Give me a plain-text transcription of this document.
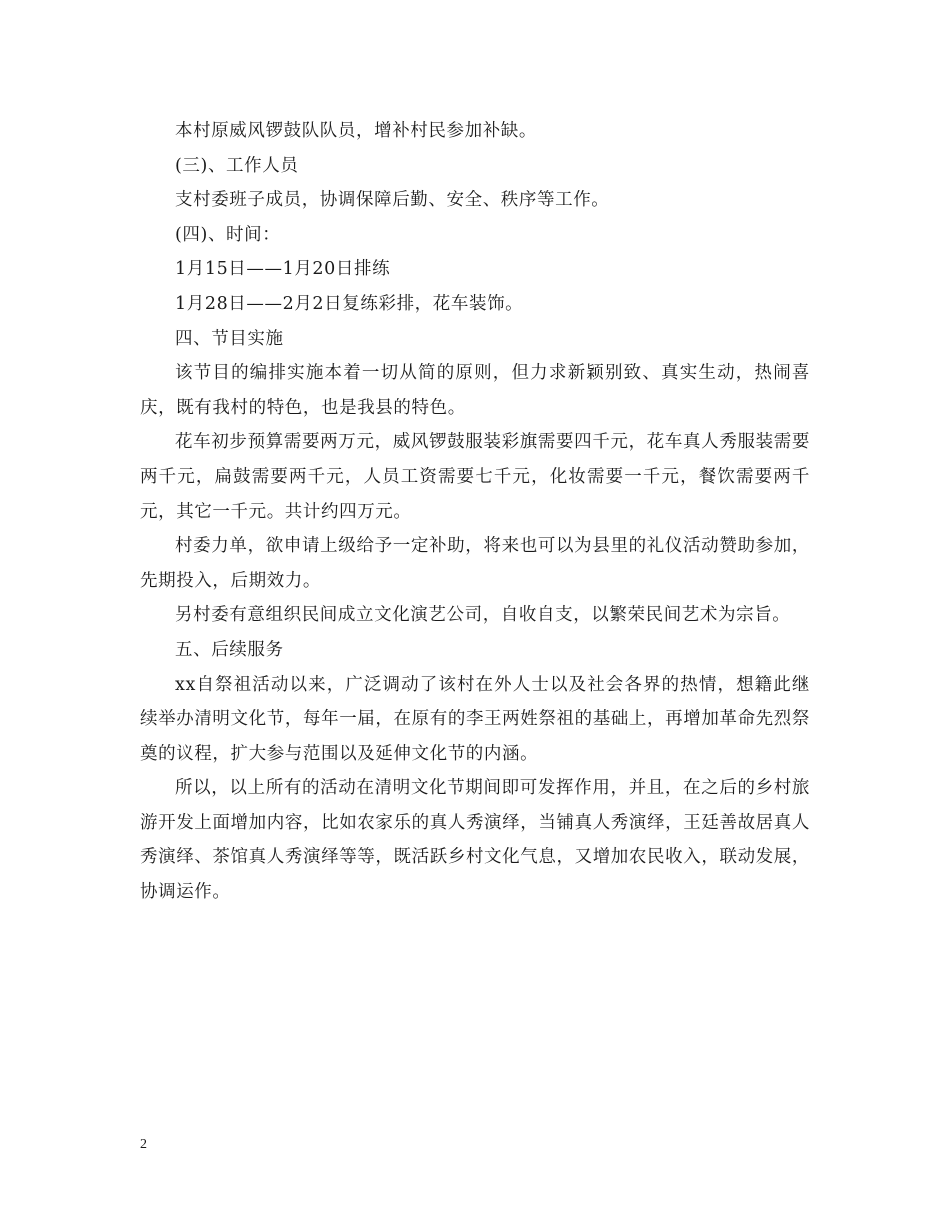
本村原威风锣鼓队队员，增补村民参加补缺。

(三)、工作人员

支村委班子成员，协调保障后勤、安全、秩序等工作。

(四)、时间：

1月15日——1月20日排练

1月28日——2月2日复练彩排，花车装饰。

四、节目实施

该节目的编排实施本着一切从简的原则，但力求新颖别致、真实生动，热闹喜庆，既有我村的特色，也是我县的特色。

花车初步预算需要两万元，威风锣鼓服装彩旗需要四千元，花车真人秀服装需要两千元，扁鼓需要两千元，人员工资需要七千元，化妆需要一千元，餐饮需要两千元，其它一千元。共计约四万元。

村委力单，欲申请上级给予一定补助，将来也可以为县里的礼仪活动赞助参加，先期投入，后期效力。

另村委有意组织民间成立文化演艺公司，自收自支，以繁荣民间艺术为宗旨。

五、后续服务

xx自祭祖活动以来，广泛调动了该村在外人士以及社会各界的热情，想籍此继续举办清明文化节，每年一届，在原有的李王两姓祭祖的基础上，再增加革命先烈祭奠的议程，扩大参与范围以及延伸文化节的内涵。

所以，以上所有的活动在清明文化节期间即可发挥作用，并且，在之后的乡村旅游开发上面增加内容，比如农家乐的真人秀演绎，当铺真人秀演绎，王廷善故居真人秀演绎、茶馆真人秀演绎等等，既活跃乡村文化气息，又增加农民收入，联动发展，协调运作。

2
